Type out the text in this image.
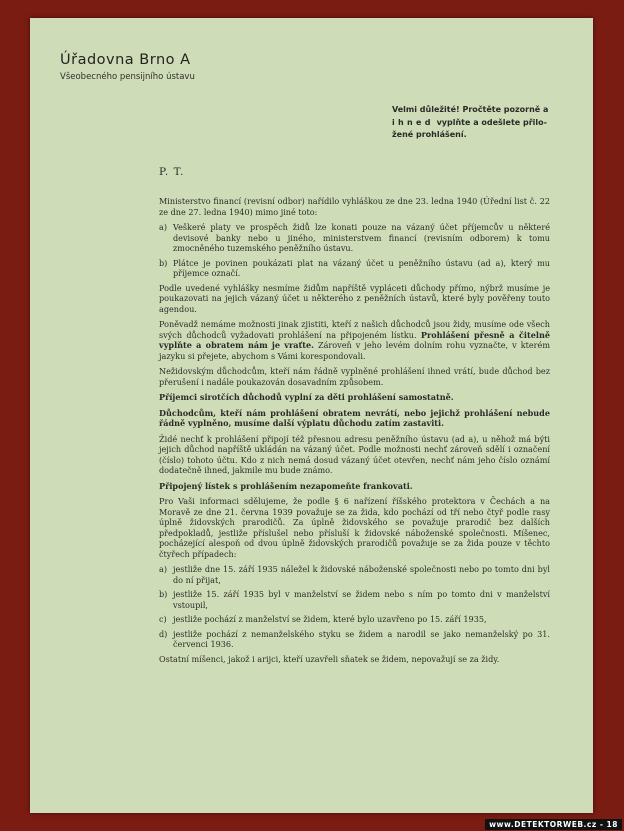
Úřadovna Brno A
Všeobecného pensijního ústavu
Velmi důležité! Pročtěte pozorně a
ihned vyplňte a odešlete přilo-
žené prohlášení.
P. T.

Ministerstvo financí (revisní odbor) nařídilo vyhláškou ze dne 23. ledna 1940 (Úřední list č. 22 ze dne 27. ledna 1940) mimo jiné toto:

a) Veškeré platy ve prospěch židů lze konati pouze na vázaný účet příjemcův u některé devisové banky nebo u jiného, ministerstvem financí (revisním odborem) k tomu zmocněného tuzemského peněžního ústavu.
b) Plátce je povinen poukázati plat na vázaný účet u peněžního ústavu (ad a), který mu příjemce označí.

Podle uvedené vyhlášky nesmíme židům napříště vypláceti důchody přímo, nýbrž musíme je poukazovati na jejich vázaný účet u některého z peněžních ústavů, které byly pověřeny touto agendou.

Poněvadž nemáme možnosti jinak zjistiti, kteří z našich důchodců jsou židy, musíme ode všech svých důchodců vyžadovati prohlášení na připojeném lístku. Prohlášení přesně a čitelně vyplňte a obratem nám je vraťte. Zároveň v jeho levém dolním rohu vyznačte, v kterém jazyku si přejete, abychom s Vámi korespondovali.

Nežidovským důchodcům, kteří nám řádně vyplněné prohlášení ihned vrátí, bude důchod bez přerušení i nadále poukazován dosavadním způsobem.

Příjemci sirotčích důchodů vyplní za děti prohlášení samostatně.

Důchodcům, kteří nám prohlášení obratem nevrátí, nebo jejichž prohlášení nebude řádně vyplněno, musíme další výplatu důchodu zatím zastaviti.

Židé nechť k prohlášení připojí též přesnou adresu peněžního ústavu (ad a), u něhož má býti jejich důchod napříště ukládán na vázaný účet. Podle možnosti nechť zároveň sdělí i označení (číslo) tohoto účtu. Kdo z nich nemá dosud vázaný účet otevřen, nechť nám jeho číslo oznámí dodatečně ihned, jakmile mu bude známo.

Připojený lístek s prohlášením nezapomeňte frankovati.

Pro Vaši informaci sdělujeme, že podle § 6 nařízení říšského protektora v Čechách a na Moravě ze dne 21. června 1939 považuje se za žida, kdo pochází od tří nebo čtyř podle rasy úplně židovských prarodičů. Za úplně židovského se považuje prarodič bez dalších předpokladů, jestliže příslušel nebo přísluší k židovské náboženské společnosti. Míšenec, pocházející alespoň od dvou úplně židovských prarodičů považuje se za žida pouze v těchto čtyřech případech:

a) jestliže dne 15. září 1935 náležel k židovské náboženské společnosti nebo po tomto dni byl do ní přijat,
b) jestliže 15. září 1935 byl v manželství se židem nebo s ním po tomto dni v manželství vstoupil,
c) jestliže pochází z manželství se židem, které bylo uzavřeno po 15. září 1935,
d) jestliže pochází z nemanželského styku se židem a narodil se jako nemanželský po 31. červenci 1936.

Ostatní míšenci, jakož i arijci, kteří uzavřeli sňatek se židem, nepovažují se za židy.

www.DETEKTORWEB.cz - 18
